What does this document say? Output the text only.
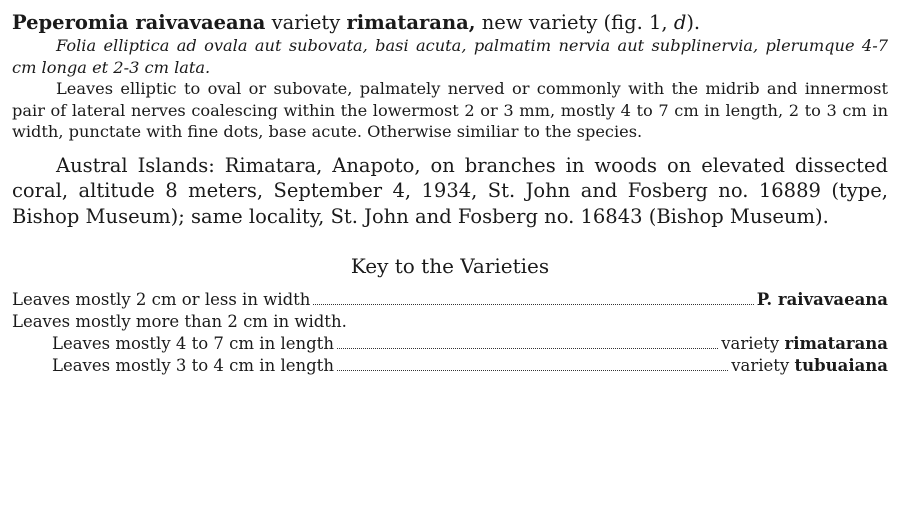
Peperomia raivavaeana variety rimatarana, new variety (fig. 1, d).

Folia elliptica ad ovala aut subovata, basi acuta, palmatim nervia aut subplinervia, plerumque 4-7 cm longa et 2-3 cm lata.

Leaves elliptic to oval or subovate, palmately nerved or commonly with the midrib and innermost pair of lateral nerves coalescing within the lowermost 2 or 3 mm, mostly 4 to 7 cm in length, 2 to 3 cm in width, punctate with fine dots, base acute. Otherwise similiar to the species.

Austral Islands: Rimatara, Anapoto, on branches in woods on elevated dissected coral, altitude 8 meters, September 4, 1934, St. John and Fosberg no. 16889 (type, Bishop Museum); same locality, St. John and Fosberg no. 16843 (Bishop Museum).

Key to the Varieties
Leaves mostly 2 cm or less in width	P. raivavaeana
Leaves mostly more than 2 cm in width.
Leaves mostly 4 to 7 cm in length	variety rimatarana
Leaves mostly 3 to 4 cm in length	variety tubuaiana
